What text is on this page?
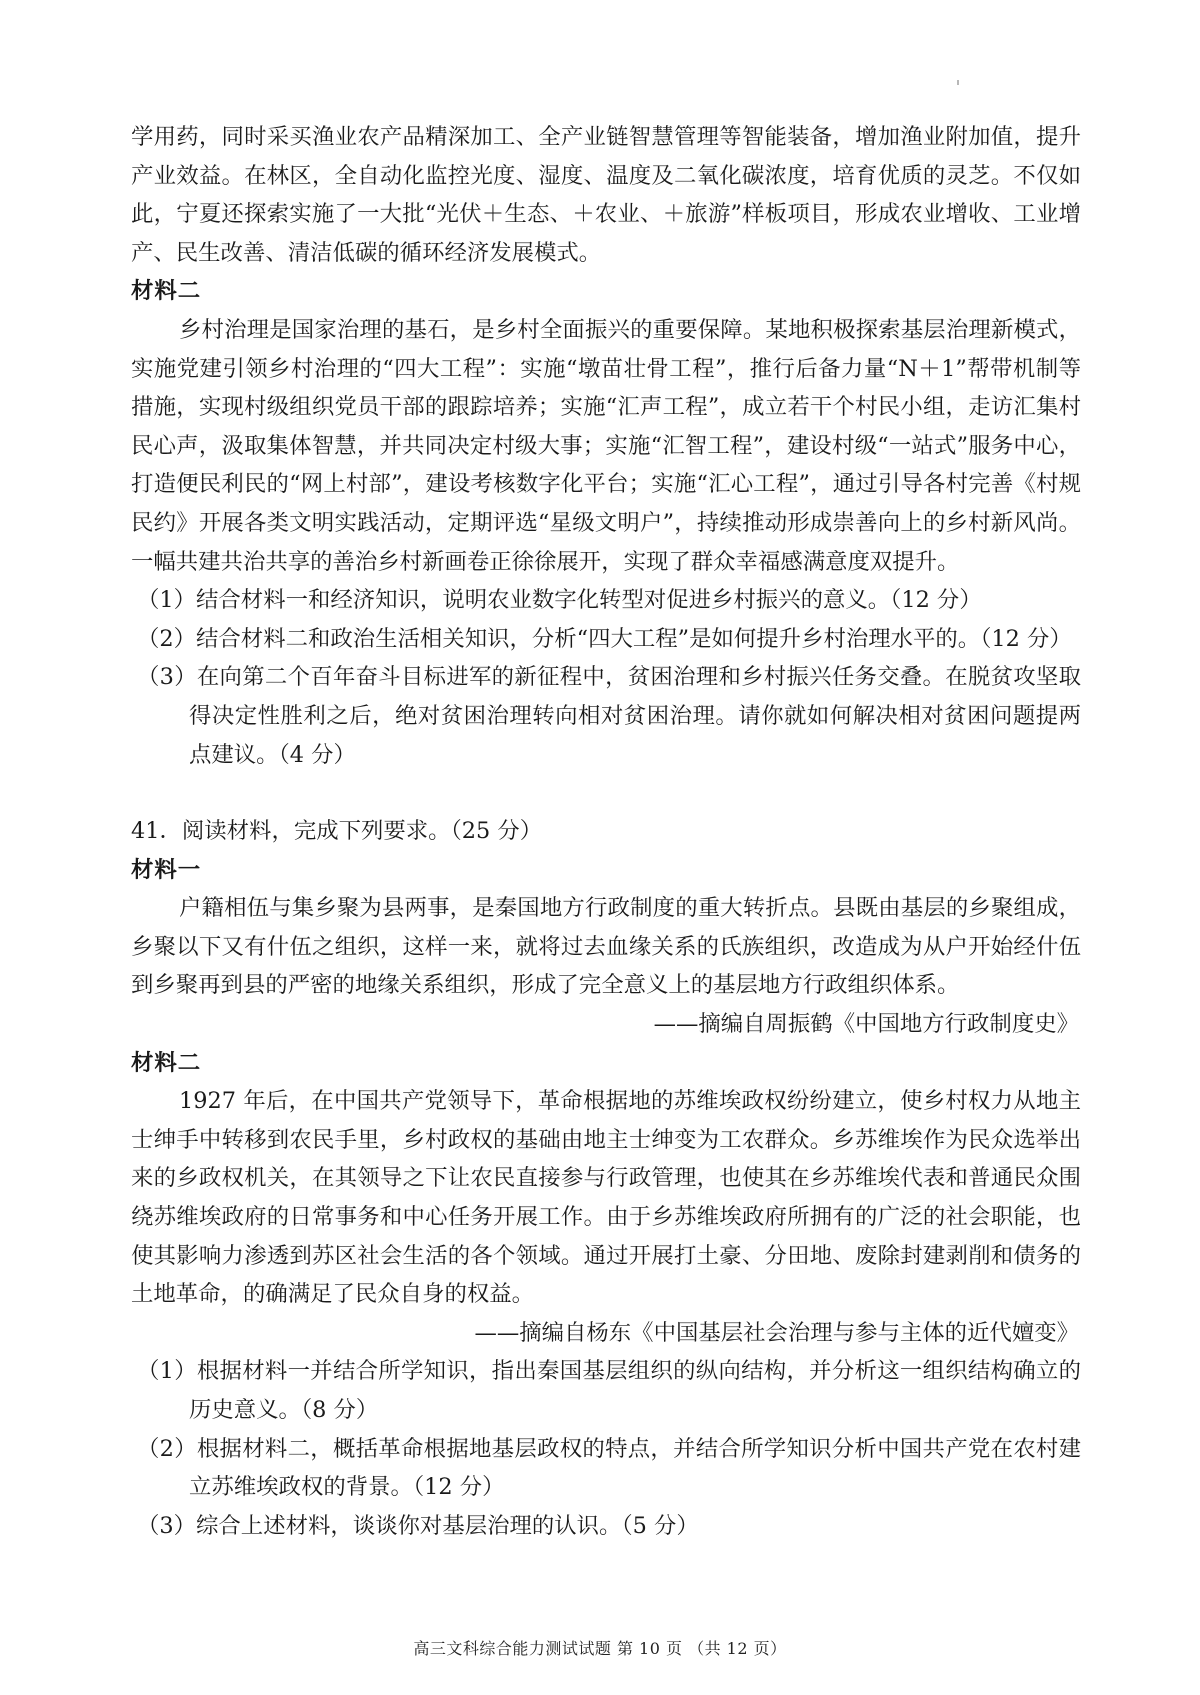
学用药，同时采买渔业农产品精深加工、全产业链智慧管理等智能装备，增加渔业附加值，提升产业效益。在林区，全自动化监控光度、湿度、温度及二氧化碳浓度，培育优质的灵芝。不仅如此，宁夏还探索实施了一大批“光伏＋生态、＋农业、＋旅游”样板项目，形成农业增收、工业增产、民生改善、清洁低碳的循环经济发展模式。

材料二

乡村治理是国家治理的基石，是乡村全面振兴的重要保障。某地积极探索基层治理新模式，实施党建引领乡村治理的“四大工程”：实施“墩苗壮骨工程”，推行后备力量“N＋1”帮带机制等措施，实现村级组织党员干部的跟踪培养；实施“汇声工程”，成立若干个村民小组，走访汇集村民心声，汲取集体智慧，并共同决定村级大事；实施“汇智工程”，建设村级“一站式”服务中心，打造便民利民的“网上村部”，建设考核数字化平台；实施“汇心工程”，通过引导各村完善《村规民约》开展各类文明实践活动，定期评选“星级文明户”，持续推动形成崇善向上的乡村新风尚。一幅共建共治共享的善治乡村新画卷正徐徐展开，实现了群众幸福感满意度双提升。

（1）结合材料一和经济知识，说明农业数字化转型对促进乡村振兴的意义。（12 分）

（2）结合材料二和政治生活相关知识，分析“四大工程”是如何提升乡村治理水平的。（12 分）

（3）在向第二个百年奋斗目标进军的新征程中，贫困治理和乡村振兴任务交叠。在脱贫攻坚取得决定性胜利之后，绝对贫困治理转向相对贫困治理。请你就如何解决相对贫困问题提两点建议。（4 分）

41．阅读材料，完成下列要求。（25 分）

材料一

户籍相伍与集乡聚为县两事，是秦国地方行政制度的重大转折点。县既由基层的乡聚组成，乡聚以下又有什伍之组织，这样一来，就将过去血缘关系的氏族组织，改造成为从户开始经什伍到乡聚再到县的严密的地缘关系组织，形成了完全意义上的基层地方行政组织体系。

——摘编自周振鹤《中国地方行政制度史》

材料二

1927 年后，在中国共产党领导下，革命根据地的苏维埃政权纷纷建立，使乡村权力从地主士绅手中转移到农民手里，乡村政权的基础由地主士绅变为工农群众。乡苏维埃作为民众选举出来的乡政权机关，在其领导之下让农民直接参与行政管理，也使其在乡苏维埃代表和普通民众围绕苏维埃政府的日常事务和中心任务开展工作。由于乡苏维埃政府所拥有的广泛的社会职能，也使其影响力渗透到苏区社会生活的各个领域。通过开展打土豪、分田地、废除封建剥削和债务的土地革命，的确满足了民众自身的权益。

——摘编自杨东《中国基层社会治理与参与主体的近代嬗变》

（1）根据材料一并结合所学知识，指出秦国基层组织的纵向结构，并分析这一组织结构确立的历史意义。（8 分）

（2）根据材料二，概括革命根据地基层政权的特点，并结合所学知识分析中国共产党在农村建立苏维埃政权的背景。（12 分）

（3）综合上述材料，谈谈你对基层治理的认识。（5 分）

高三文科综合能力测试试题 第 10 页 （共 12 页）
